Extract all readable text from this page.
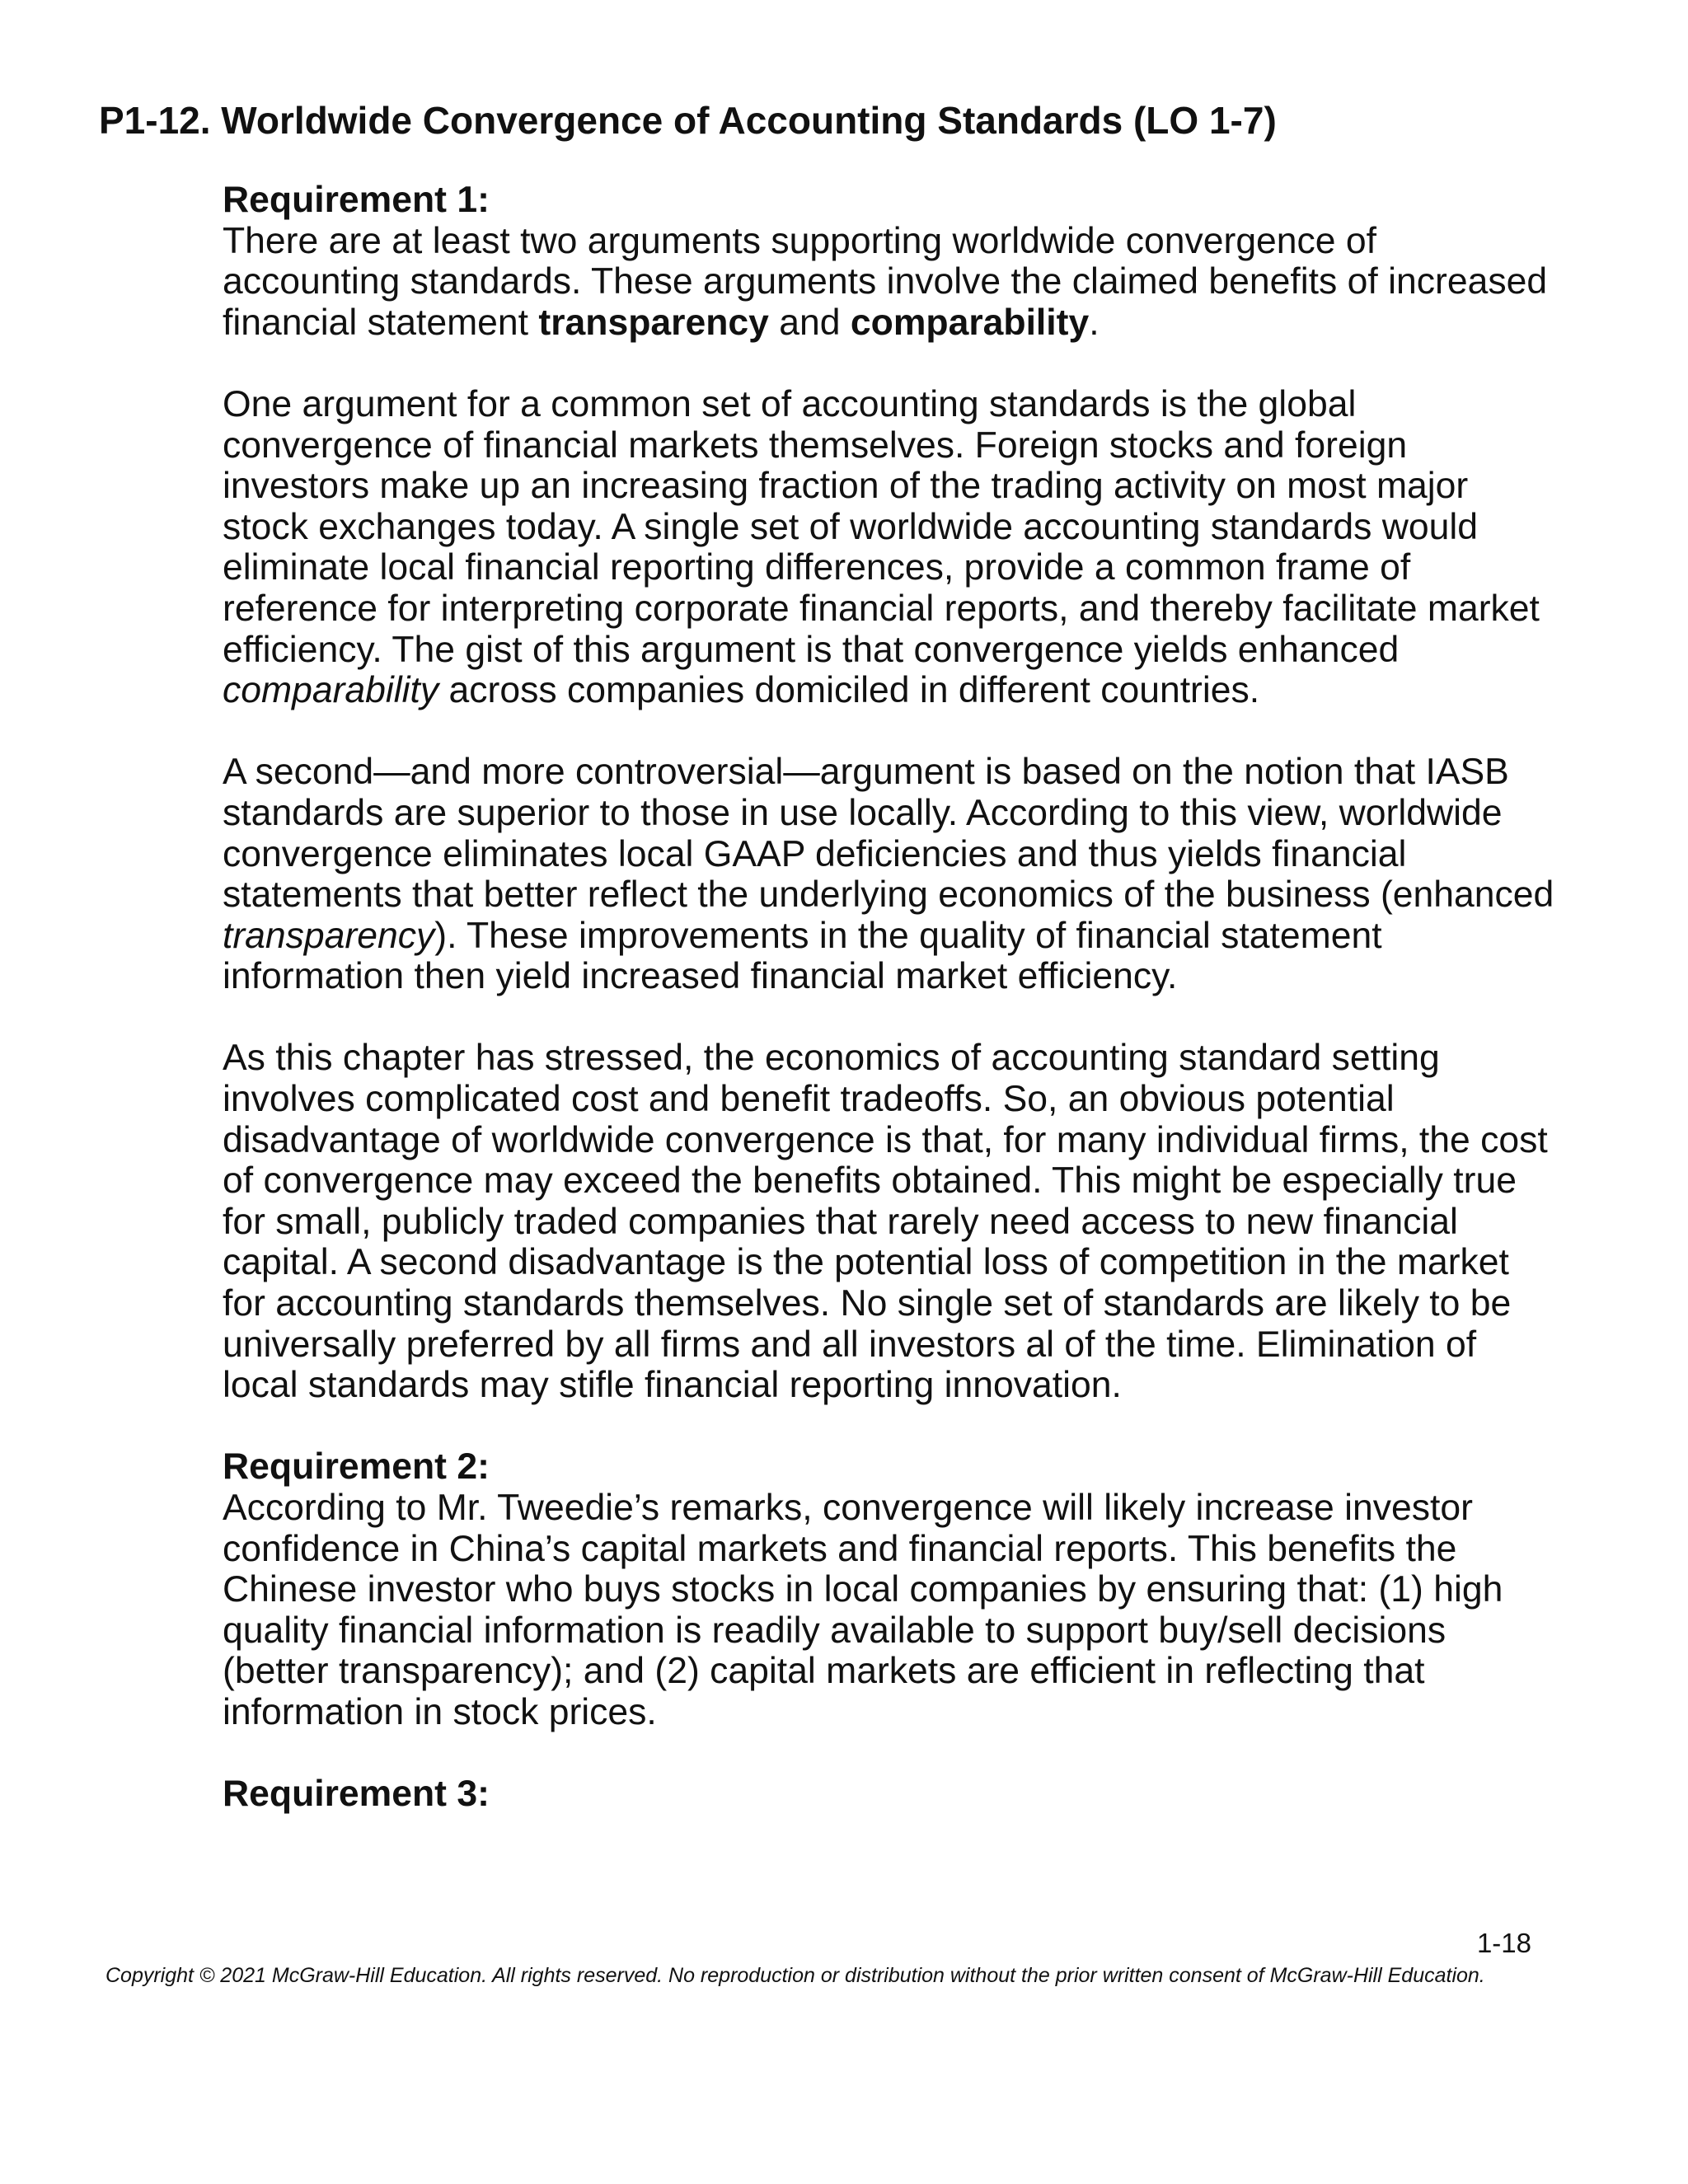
P1-12. Worldwide Convergence of Accounting Standards (LO 1-7)

Requirement 1:

There are at least two arguments supporting worldwide convergence of accounting standards. These arguments involve the claimed benefits of increased financial statement transparency and comparability.

One argument for a common set of accounting standards is the global convergence of financial markets themselves. Foreign stocks and foreign investors make up an increasing fraction of the trading activity on most major stock exchanges today. A single set of worldwide accounting standards would eliminate local financial reporting differences, provide a common frame of reference for interpreting corporate financial reports, and thereby facilitate market efficiency. The gist of this argument is that convergence yields enhanced comparability across companies domiciled in different countries.

A second—and more controversial—argument is based on the notion that IASB standards are superior to those in use locally. According to this view, worldwide convergence eliminates local GAAP deficiencies and thus yields financial statements that better reflect the underlying economics of the business (enhanced transparency). These improvements in the quality of financial statement information then yield increased financial market efficiency.

As this chapter has stressed, the economics of accounting standard setting involves complicated cost and benefit tradeoffs. So, an obvious potential disadvantage of worldwide convergence is that, for many individual firms, the cost of convergence may exceed the benefits obtained. This might be especially true for small, publicly traded companies that rarely need access to new financial capital. A second disadvantage is the potential loss of competition in the market for accounting standards themselves. No single set of standards are likely to be universally preferred by all firms and all investors al of the time. Elimination of local standards may stifle financial reporting innovation.

Requirement 2:

According to Mr. Tweedie’s remarks, convergence will likely increase investor confidence in China’s capital markets and financial reports. This benefits the Chinese investor who buys stocks in local companies by ensuring that: (1) high quality financial information is readily available to support buy/sell decisions (better transparency); and (2) capital markets are efficient in reflecting that information in stock prices.

Requirement 3:

1-18
Copyright © 2021 McGraw-Hill Education. All rights reserved. No reproduction or distribution without the prior written consent of McGraw-Hill Education.
